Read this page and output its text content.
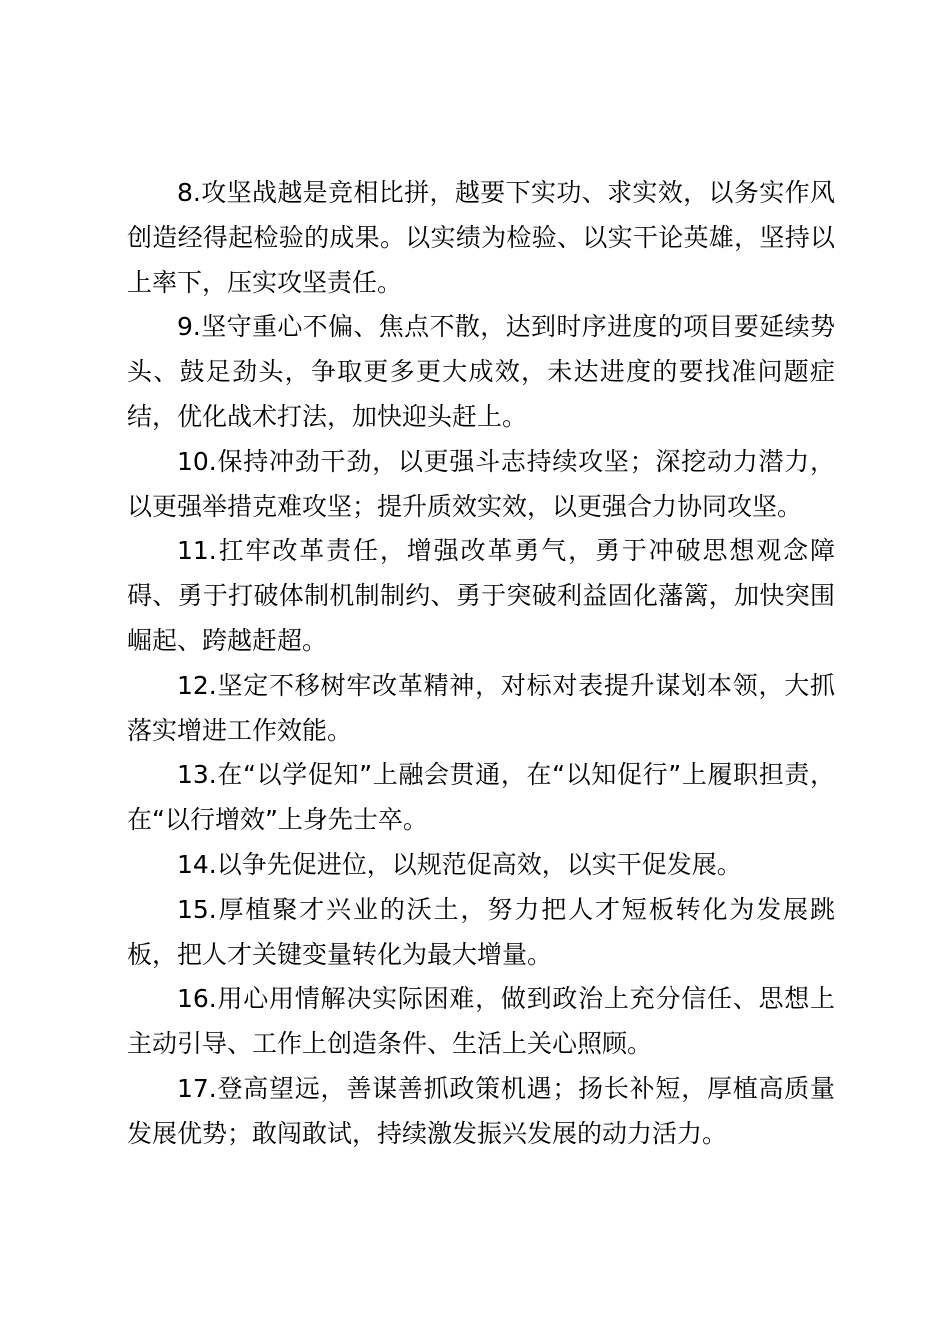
8.攻坚战越是竞相比拼，越要下实功、求实效，以务实作风创造经得起检验的成果。以实绩为检验、以实干论英雄，坚持以上率下，压实攻坚责任。

9.坚守重心不偏、焦点不散，达到时序进度的项目要延续势头、鼓足劲头，争取更多更大成效，未达进度的要找准问题症结，优化战术打法，加快迎头赶上。

10.保持冲劲干劲，以更强斗志持续攻坚；深挖动力潜力，以更强举措克难攻坚；提升质效实效，以更强合力协同攻坚。

11.扛牢改革责任，增强改革勇气，勇于冲破思想观念障碍、勇于打破体制机制制约、勇于突破利益固化藩篱，加快突围崛起、跨越赶超。

12.坚定不移树牢改革精神，对标对表提升谋划本领，大抓落实增进工作效能。

13.在“以学促知”上融会贯通，在“以知促行”上履职担责，在“以行增效”上身先士卒。

14.以争先促进位，以规范促高效，以实干促发展。

15.厚植聚才兴业的沃土，努力把人才短板转化为发展跳板，把人才关键变量转化为最大增量。

16.用心用情解决实际困难，做到政治上充分信任、思想上主动引导、工作上创造条件、生活上关心照顾。

17.登高望远，善谋善抓政策机遇；扬长补短，厚植高质量发展优势；敢闯敢试，持续激发振兴发展的动力活力。
